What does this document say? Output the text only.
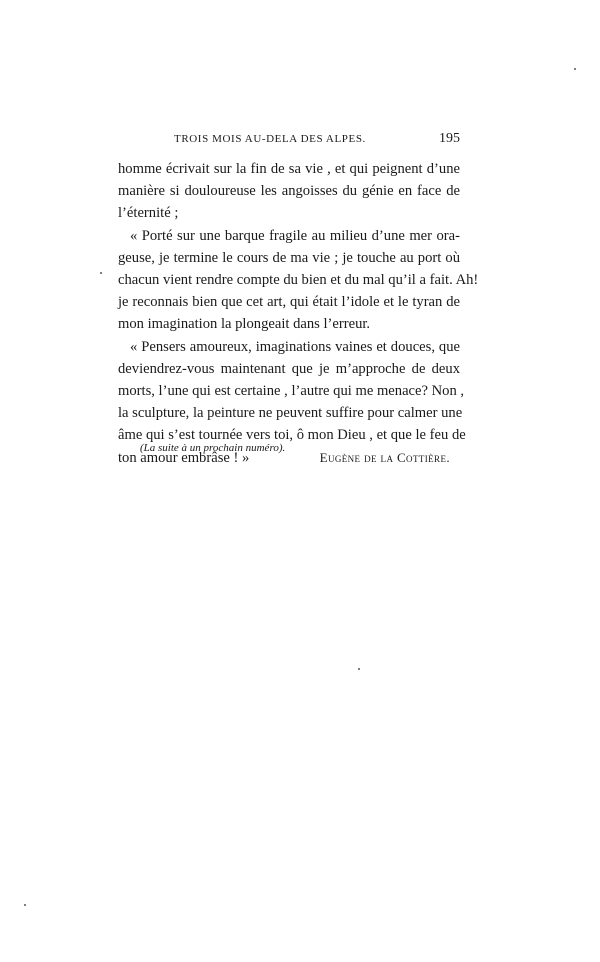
TROIS MOIS AU-DELA DES ALPES.	195
homme écrivait sur la fin de sa vie , et qui peignent d’une
manière si douloureuse les angoisses du génie en face de
l’éternité ;
« Porté sur une barque fragile au milieu d’une mer ora-
geuse, je termine le cours de ma vie ; je touche au port où
chacun vient rendre compte du bien et du mal qu’il a fait. Ah!
je reconnais bien que cet art, qui était l’idole et le tyran de
mon imagination la plongeait dans l’erreur.
« Pensers amoureux, imaginations vaines et douces, que
deviendrez-vous maintenant que je m’approche de deux
morts, l’une qui est certaine , l’autre qui me menace? Non ,
la sculpture, la peinture ne peuvent suffire pour calmer une
âme qui s’est tournée vers toi, ô mon Dieu , et que le feu de
ton amour embrâse ! »	Eugène de la Cottière.
(La suite à un prochain numéro).
